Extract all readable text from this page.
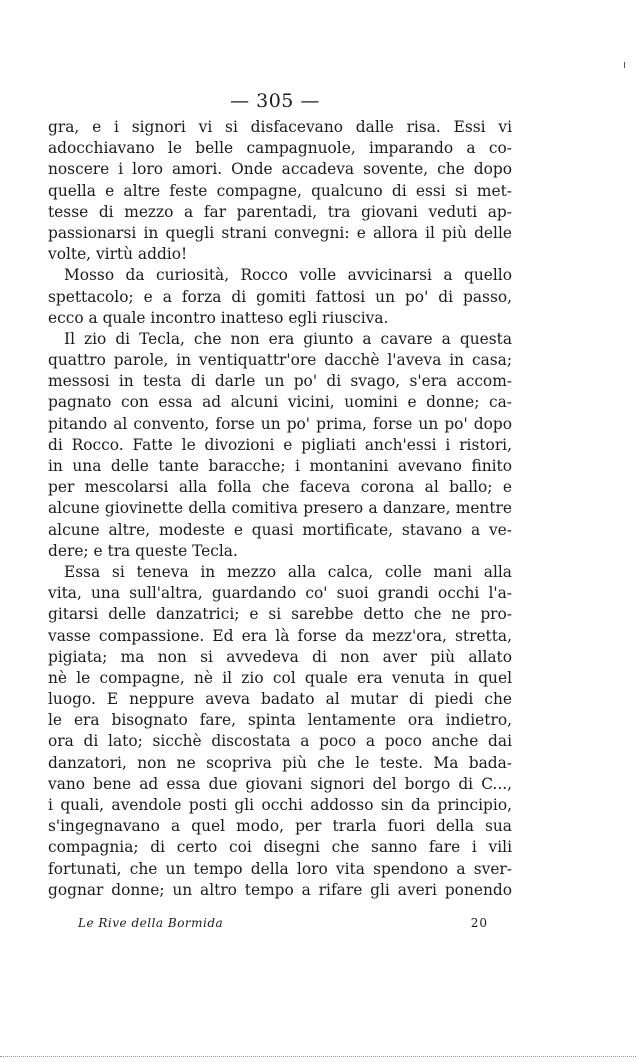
— 305 —
gra, e i signori vi si disfacevano dalle risa. Essi vi
adocchiavano le belle campagnuole, imparando a co-
noscere i loro amori. Onde accadeva sovente, che dopo
quella e altre feste compagne, qualcuno di essi si met-
tesse di mezzo a far parentadi, tra giovani veduti ap-
passionarsi in quegli strani convegni: e allora il più delle
volte, virtù addio!
Mosso da curiosità, Rocco volle avvicinarsi a quello
spettacolo; e a forza di gomiti fattosi un po' di passo,
ecco a quale incontro inatteso egli riusciva.
Il zio di Tecla, che non era giunto a cavare a questa
quattro parole, in ventiquattr'ore dacchè l'aveva in casa;
messosi in testa di darle un po' di svago, s'era accom-
pagnato con essa ad alcuni vicini, uomini e donne; ca-
pitando al convento, forse un po' prima, forse un po' dopo
di Rocco. Fatte le divozioni e pigliati anch'essi i ristori,
in una delle tante baracche; i montanini avevano finito
per mescolarsi alla folla che faceva corona al ballo; e
alcune giovinette della comitiva presero a danzare, mentre
alcune altre, modeste e quasi mortificate, stavano a ve-
dere; e tra queste Tecla.
Essa si teneva in mezzo alla calca, colle mani alla
vita, una sull'altra, guardando co' suoi grandi occhi l'a-
gitarsi delle danzatrici; e si sarebbe detto che ne pro-
vasse compassione. Ed era là forse da mezz'ora, stretta,
pigiata; ma non si avvedeva di non aver più allato
nè le compagne, nè il zio col quale era venuta in quel
luogo. E neppure aveva badato al mutar di piedi che
le era bisognato fare, spinta lentamente ora indietro,
ora di lato; sicchè discostata a poco a poco anche dai
danzatori, non ne scopriva più che le teste. Ma bada-
vano bene ad essa due giovani signori del borgo di C...,
i quali, avendole posti gli occhi addosso sin da principio,
s'ingegnavano a quel modo, per trarla fuori della sua
compagnia; di certo coi disegni che sanno fare i vili
fortunati, che un tempo della loro vita spendono a sver-
gognar donne; un altro tempo a rifare gli averi ponendo
Le Rive della Bormida	20
